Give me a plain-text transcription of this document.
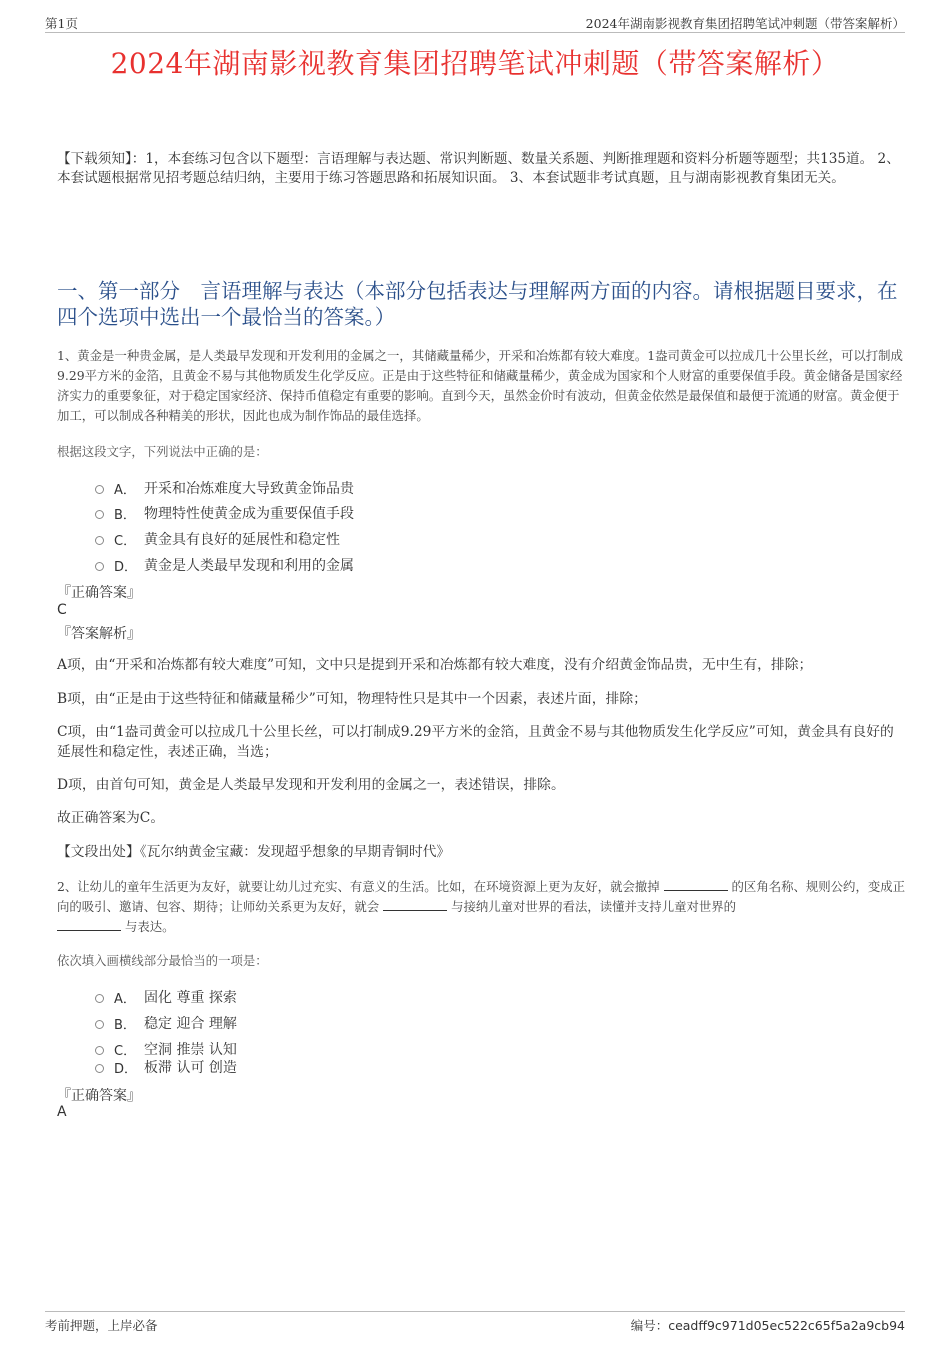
第1页	2024年湖南影视教育集团招聘笔试冲刺题（带答案解析）
2024年湖南影视教育集团招聘笔试冲刺题（带答案解析）
【下载须知】：1，本套练习包含以下题型：言语理解与表达题、常识判断题、数量关系题、判断推理题和资料分析题等题型；共135道。 2、本套试题根据常见招考题总结归纳，主要用于练习答题思路和拓展知识面。 3、本套试题非考试真题，且与湖南影视教育集团无关。
一、第一部分　言语理解与表达（本部分包括表达与理解两方面的内容。请根据题目要求，在四个选项中选出一个最恰当的答案。）
1、黄金是一种贵金属，是人类最早发现和开发利用的金属之一，其储藏量稀少，开采和冶炼都有较大难度。1盎司黄金可以拉成几十公里长丝，可以打制成9.29平方米的金箔，且黄金不易与其他物质发生化学反应。正是由于这些特征和储藏量稀少，黄金成为国家和个人财富的重要保值手段。黄金储备是国家经济实力的重要象征，对于稳定国家经济、保持币值稳定有重要的影响。直到今天，虽然金价时有波动，但黄金依然是最保值和最便于流通的财富。黄金便于加工，可以制成各种精美的形状，因此也成为制作饰品的最佳选择。
根据这段文字，下列说法中正确的是：
A． 开采和冶炼难度大导致黄金饰品贵
B． 物理特性使黄金成为重要保值手段
C． 黄金具有良好的延展性和稳定性
D． 黄金是人类最早发现和利用的金属
『正确答案』
C
『答案解析』
A项，由“开采和冶炼都有较大难度”可知，文中只是提到开采和冶炼都有较大难度，没有介绍黄金饰品贵，无中生有，排除；
B项，由“正是由于这些特征和储藏量稀少”可知，物理特性只是其中一个因素，表述片面，排除；
C项，由“1盎司黄金可以拉成几十公里长丝，可以打制成9.29平方米的金箔，且黄金不易与其他物质发生化学反应”可知，黄金具有良好的延展性和稳定性，表述正确，当选；
D项，由首句可知，黄金是人类最早发现和开发利用的金属之一，表述错误，排除。
故正确答案为C。
【文段出处】《瓦尔纳黄金宝藏：发现超乎想象的早期青铜时代》
2、让幼儿的童年生活更为友好，就要让幼儿过充实、有意义的生活。比如，在环境资源上更为友好，就会撤掉	的区角名称、规则公约，变成正向的吸引、邀请、包容、期待；让师幼关系更为友好，就会	与接纳儿童对世界的看法，读懂并支持儿童对世界的
与表达。
依次填入画横线部分最恰当的一项是：
A． 固化 尊重 探索
B． 稳定 迎合 理解
C． 空洞 推崇 认知
D． 板滞 认可 创造
『正确答案』
A
考前押题，上岸必备	编号：ceadff9c971d05ec522c65f5a2a9cb94
